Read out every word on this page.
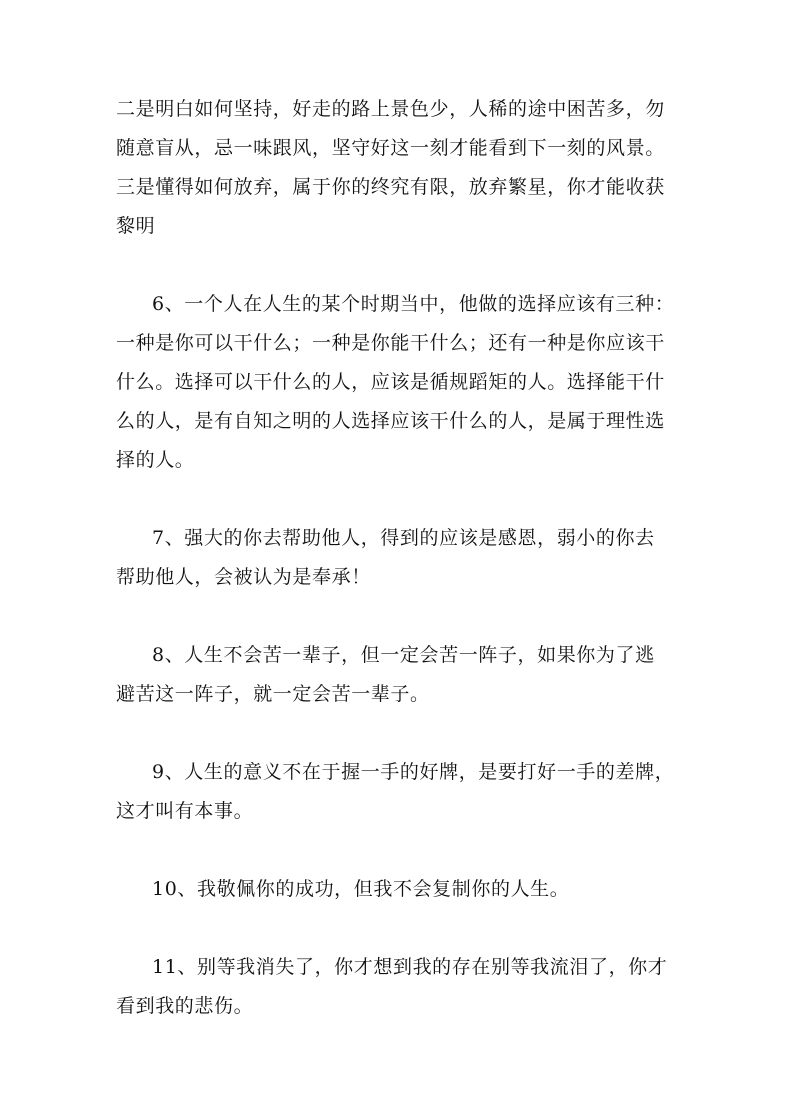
二是明白如何坚持，好走的路上景色少，人稀的途中困苦多，勿
随意盲从，忌一味跟风，坚守好这一刻才能看到下一刻的风景。
三是懂得如何放弃，属于你的终究有限，放弃繁星，你才能收获
黎明
6、一个人在人生的某个时期当中，他做的选择应该有三种：
一种是你可以干什么；一种是你能干什么；还有一种是你应该干
什么。选择可以干什么的人，应该是循规蹈矩的人。选择能干什
么的人，是有自知之明的人选择应该干什么的人，是属于理性选
择的人。
7、强大的你去帮助他人，得到的应该是感恩，弱小的你去
帮助他人，会被认为是奉承！
8、人生不会苦一辈子，但一定会苦一阵子，如果你为了逃
避苦这一阵子，就一定会苦一辈子。
9、人生的意义不在于握一手的好牌，是要打好一手的差牌，
这才叫有本事。
10、我敬佩你的成功，但我不会复制你的人生。
11、别等我消失了，你才想到我的存在别等我流泪了，你才
看到我的悲伤。
